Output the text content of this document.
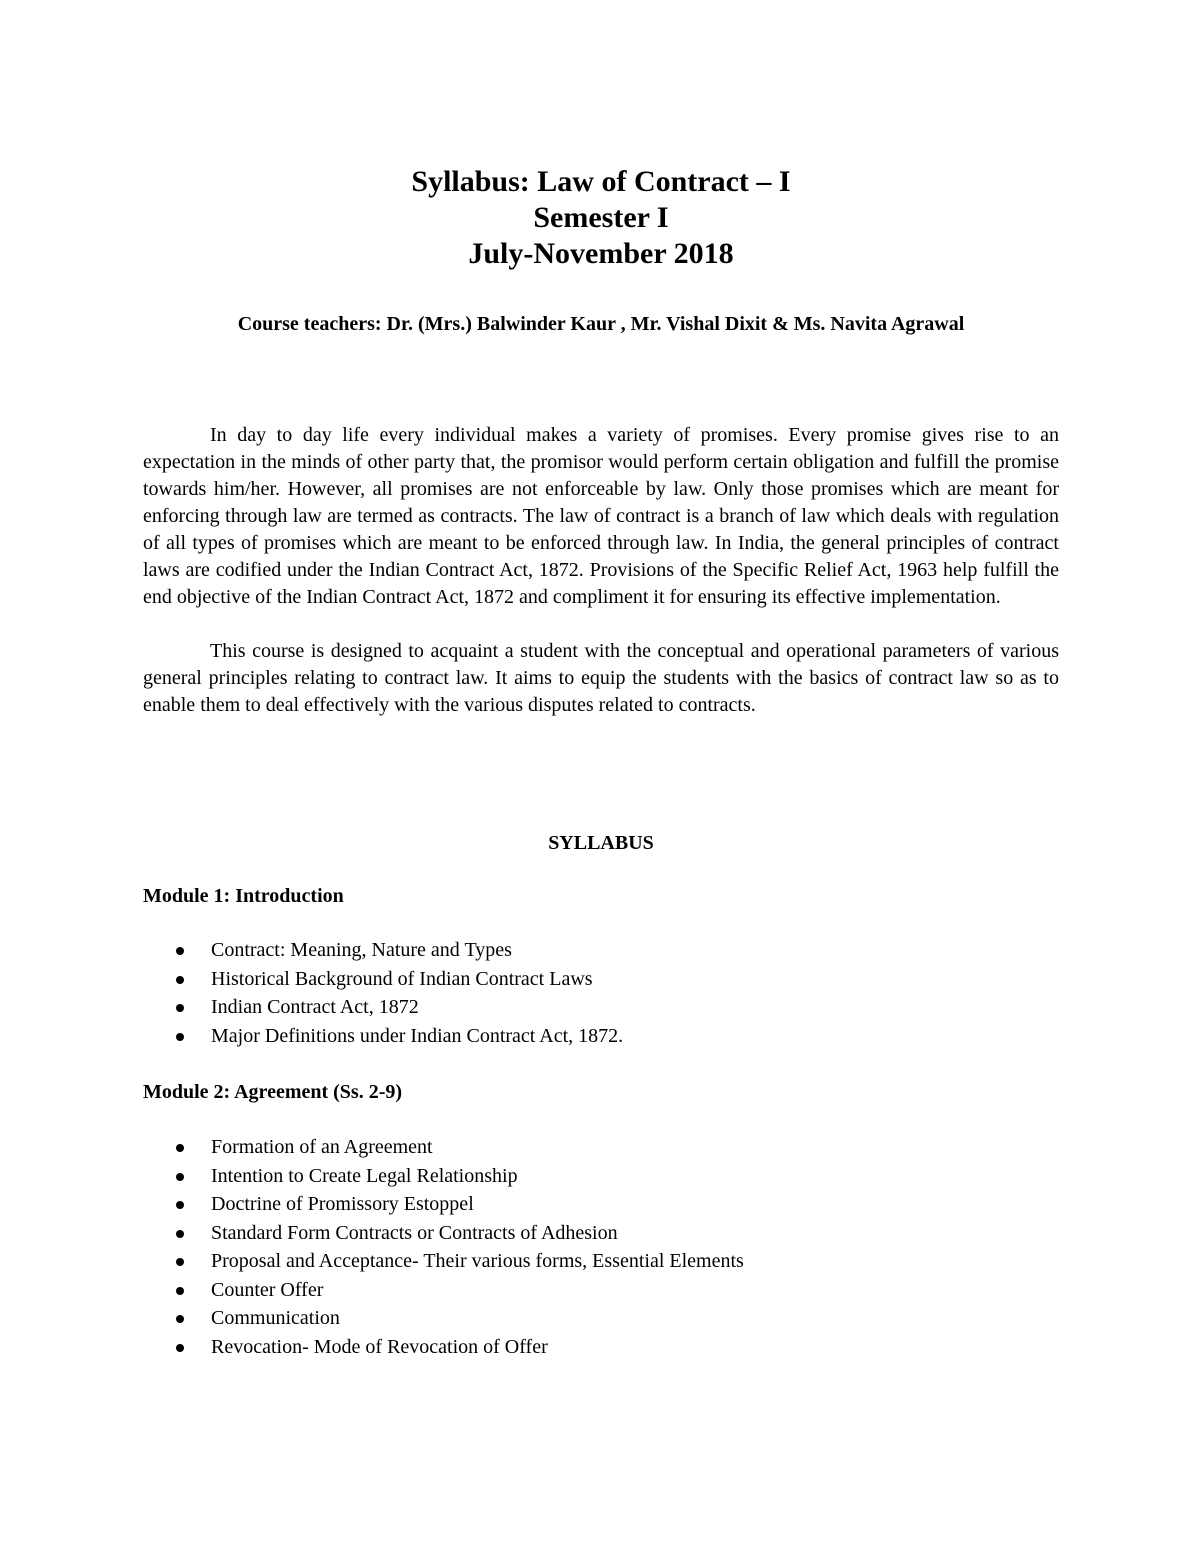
Syllabus: Law of Contract – I
Semester I
July-November 2018
Course teachers: Dr. (Mrs.) Balwinder Kaur , Mr. Vishal Dixit & Ms. Navita Agrawal

In day to day life every individual makes a variety of promises. Every promise gives rise to an expectation in the minds of other party that, the promisor would perform certain obligation and fulfill the promise towards him/her. However, all promises are not enforceable by law. Only those promises which are meant for enforcing through law are termed as contracts. The law of contract is a branch of law which deals with regulation of all types of promises which are meant to be enforced through law. In India, the general principles of contract laws are codified under the Indian Contract Act, 1872. Provisions of the Specific Relief Act, 1963 help fulfill the end objective of the Indian Contract Act, 1872 and compliment it for ensuring its effective implementation.

This course is designed to acquaint a student with the conceptual and operational parameters of various general principles relating to contract law. It aims to equip the students with the basics of contract law so as to enable them to deal effectively with the various disputes related to contracts.

SYLLABUS
Module 1: Introduction
Contract: Meaning, Nature and Types
Historical Background of Indian Contract Laws
Indian Contract Act, 1872
Major Definitions under Indian Contract Act, 1872.
Module 2: Agreement (Ss. 2-9)
Formation of an Agreement
Intention to Create Legal Relationship
Doctrine of Promissory Estoppel
Standard Form Contracts or Contracts of Adhesion
Proposal and Acceptance- Their various forms, Essential Elements
Counter Offer
Communication
Revocation- Mode of Revocation of Offer
